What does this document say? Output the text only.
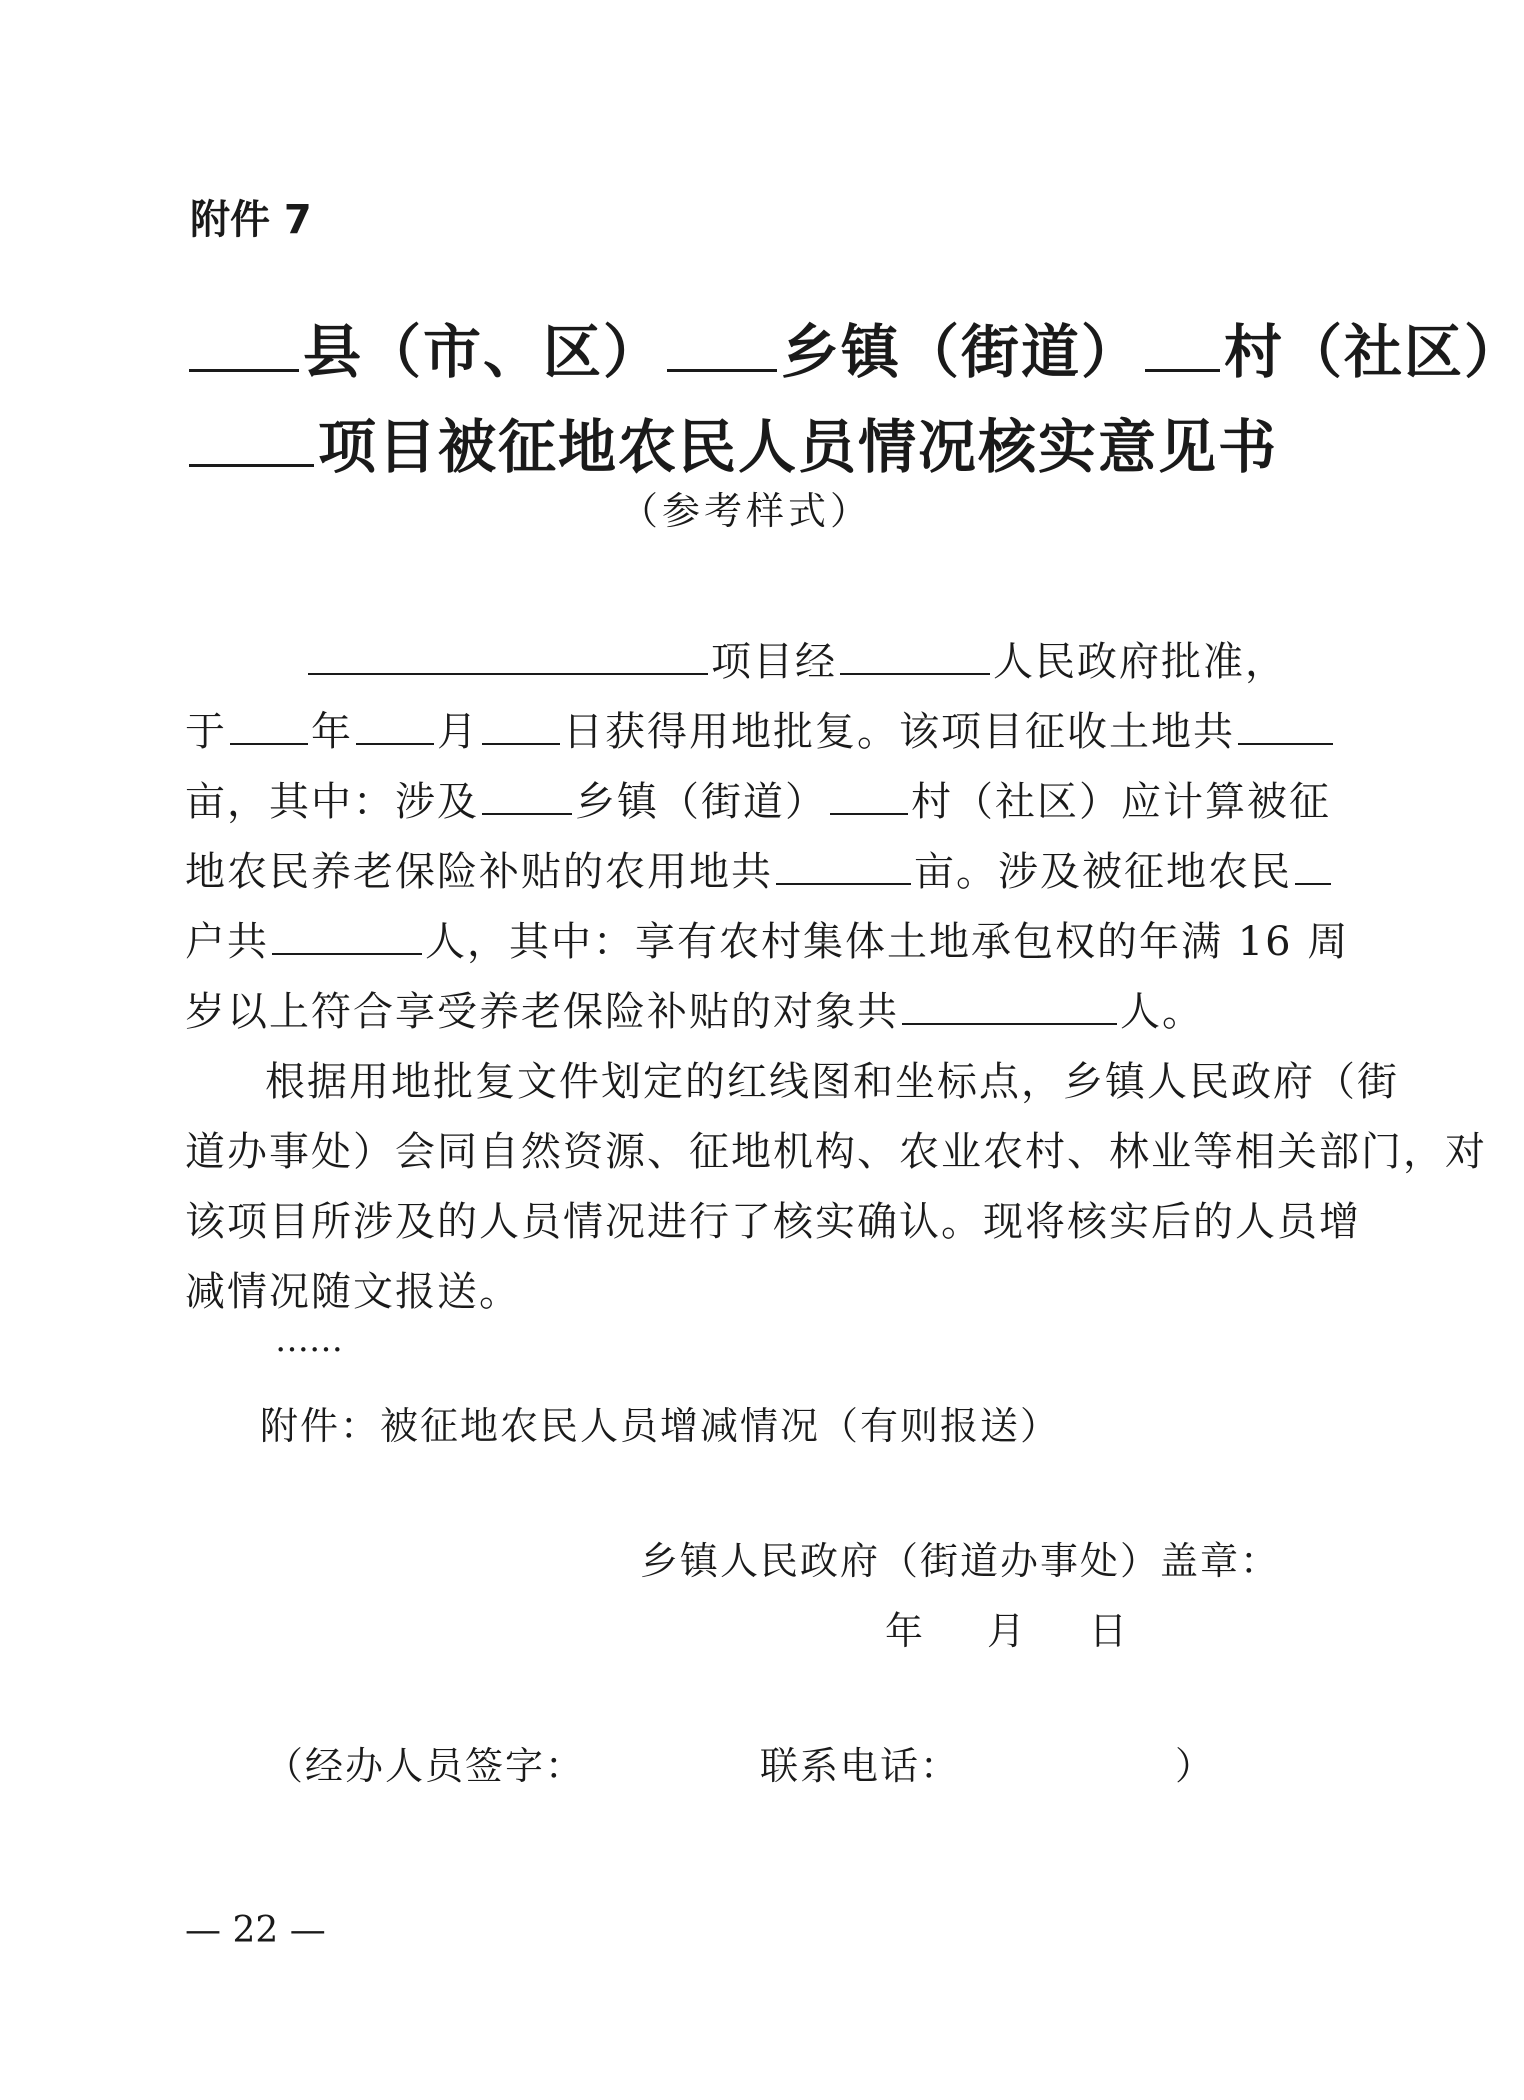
附件 7
县（市、区） 乡镇（街道） 村（社区）
项目被征地农民人员情况核实意见书
（参考样式）
项目经	人民政府批准，
于 年 月 日获得用地批复。该项目征收土地共
亩，其中：涉及 乡镇（街道） 村（社区）应计算被征
地农民养老保险补贴的农用地共	亩。涉及被征地农民
户共	人，其中：享有农村集体土地承包权的年满 16 周
岁以上符合享受养老保险补贴的对象共	人。
根据用地批复文件划定的红线图和坐标点，乡镇人民政府（街
道办事处）会同自然资源、征地机构、农业农村、林业等相关部门，对
该项目所涉及的人员情况进行了核实确认。现将核实后的人员增
减情况随文报送。
……
附件：被征地农民人员增减情况（有则报送）
乡镇人民政府（街道办事处）盖章：
年 月 日
（经办人员签字：	联系电话：	）
— 22 —
